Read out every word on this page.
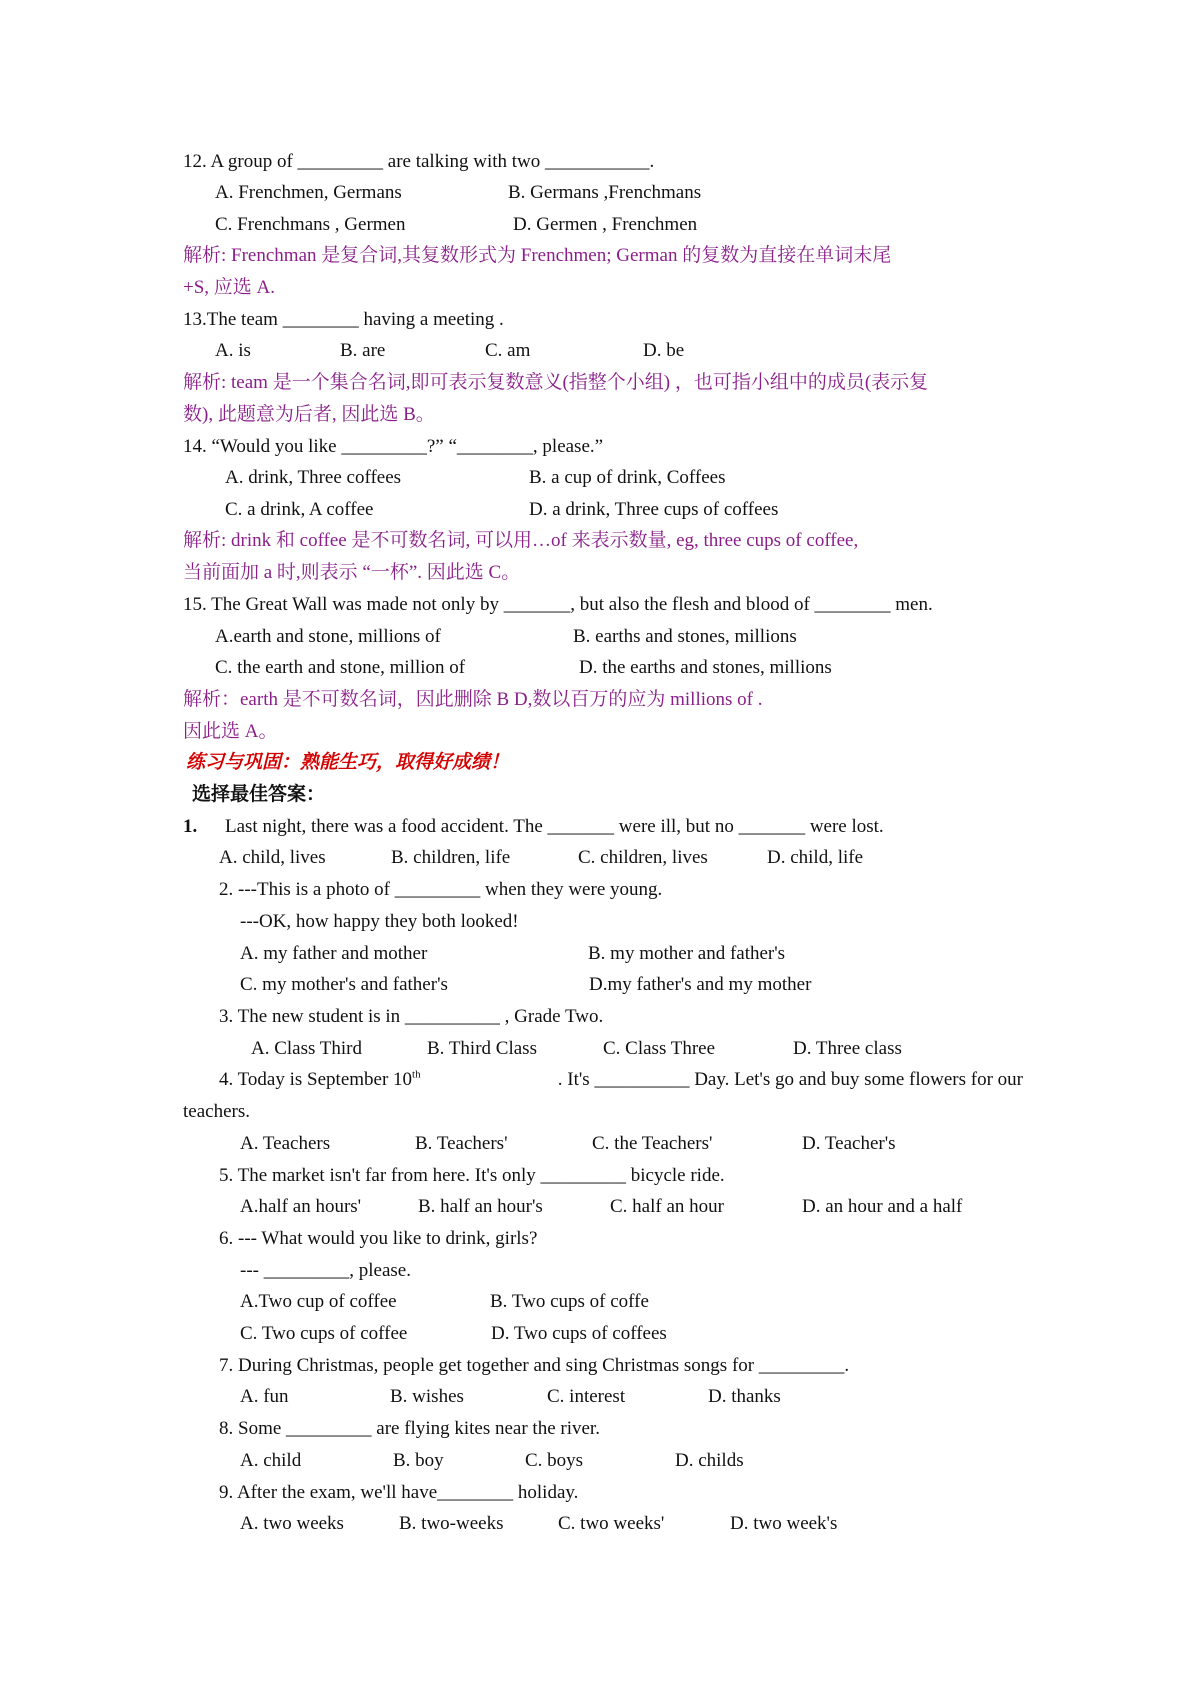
12. A group of _________ are talking with two ___________.
A. Frenchmen, Germans	B. Germans ,Frenchmans
C. Frenchmans , Germen	D. Germen , Frenchmen
解析: Frenchman 是复合词,其复数形式为 Frenchmen; German 的复数为直接在单词末尾
+S, 应选 A.
13.The team ________ having a meeting .
A. is	B. are	C. am	D. be
解析: team 是一个集合名词,即可表示复数意义(指整个小组) ，也可指小组中的成员(表示复
数), 此题意为后者, 因此选 B。
14. “Would you like _________?” “________, please.”
A. drink, Three coffees	B. a cup of drink, Coffees
C. a drink, A coffee	D. a drink, Three cups of coffees
解析: drink 和 coffee 是不可数名词, 可以用…of 来表示数量, eg, three cups of coffee,
当前面加 a 时,则表示 “一杯”. 因此选 C。
15. The Great Wall was made not only by _______, but also the flesh and blood of ________ men.
A.earth and stone, millions of	B. earths and stones, millions
C. the earth and stone, million of	D. the earths and stones, millions
解析：earth 是不可数名词，因此删除 B D,数以百万的应为 millions of .
因此选 A。
练习与巩固：熟能生巧，取得好成绩！
选择最佳答案：
1. Last night, there was a food accident. The _______ were ill, but no _______ were lost.
A. child, lives	B. children, life	C. children, lives	D. child, life
2. ---This is a photo of _________ when they were young.
---OK, how happy they both looked!
A. my father and mother	B. my mother and father's
C. my mother's and father's	D.my father's and my mother
3. The new student is in __________ , Grade Two.
A. Class Third	B. Third Class	C. Class Three	D. Three class
4. Today is September 10th	. It's __________ Day. Let's go and buy some flowers for our
teachers.
A. Teachers	B. Teachers'	C. the Teachers'	D. Teacher's
5. The market isn't far from here. It's only _________ bicycle ride.
A.half an hours'	B. half an hour's	C. half an hour	D. an hour and a half
6. --- What would you like to drink, girls?
--- _________, please.
A.Two cup of coffee	B. Two cups of coffe
C. Two cups of coffee	D. Two cups of coffees
7. During Christmas, people get together and sing Christmas songs for _________.
A. fun	B. wishes	C. interest	D. thanks
8. Some _________ are flying kites near the river.
A. child	B. boy	C. boys	D. childs
9. After the exam, we'll have________ holiday.
A. two weeks	B. two-weeks	C. two weeks'	D. two week's
